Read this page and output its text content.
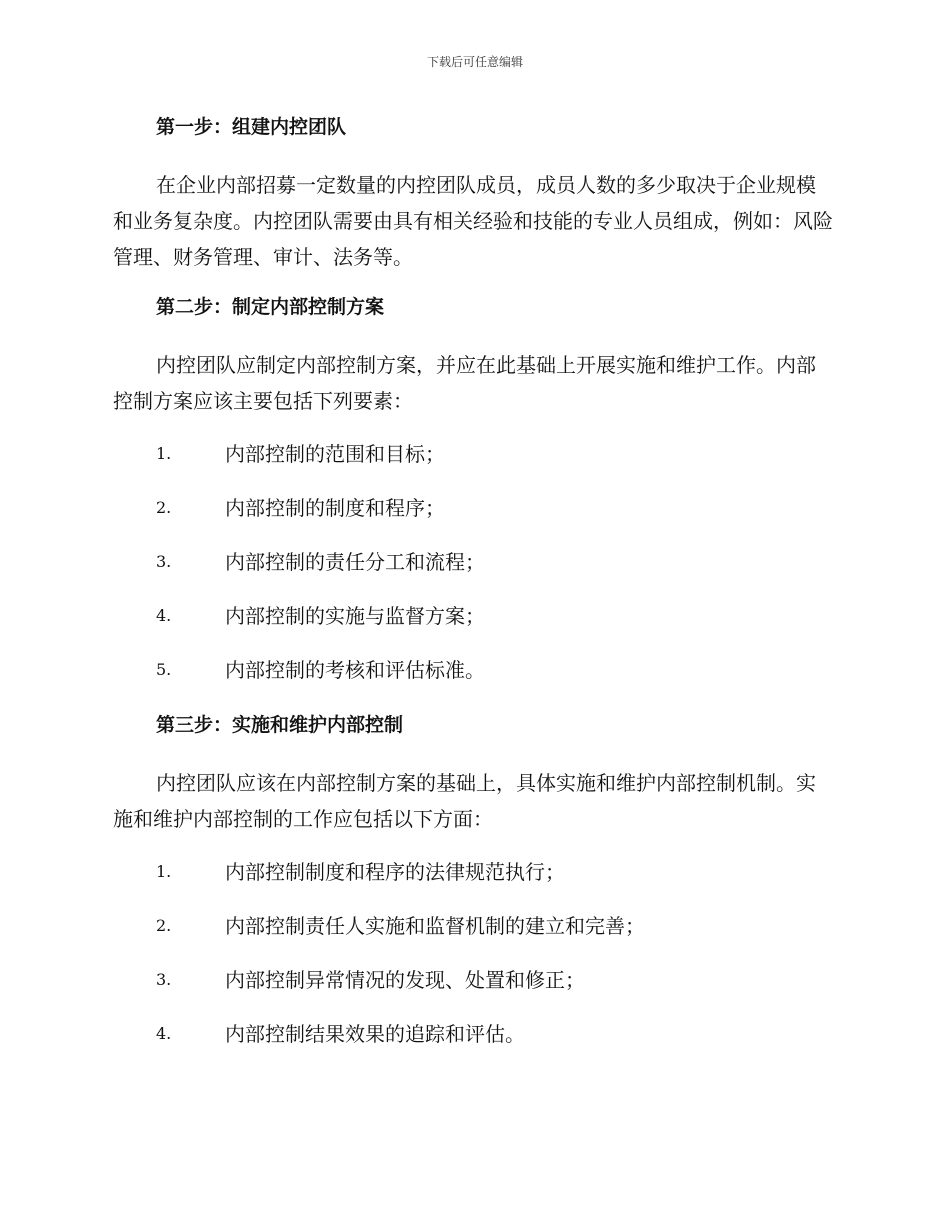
下载后可任意编辑
第一步：组建内控团队
在企业内部招募一定数量的内控团队成员，成员人数的多少取决于企业规模和业务复杂度。内控团队需要由具有相关经验和技能的专业人员组成，例如：风险管理、财务管理、审计、法务等。
第二步：制定内部控制方案
内控团队应制定内部控制方案，并应在此基础上开展实施和维护工作。内部控制方案应该主要包括下列要素：
1.	内部控制的范围和目标；
2.	内部控制的制度和程序；
3.	内部控制的责任分工和流程；
4.	内部控制的实施与监督方案；
5.	内部控制的考核和评估标准。
第三步：实施和维护内部控制
内控团队应该在内部控制方案的基础上，具体实施和维护内部控制机制。实施和维护内部控制的工作应包括以下方面：
1.	内部控制制度和程序的法律规范执行；
2.	内部控制责任人实施和监督机制的建立和完善；
3.	内部控制异常情况的发现、处置和修正；
4.	内部控制结果效果的追踪和评估。
